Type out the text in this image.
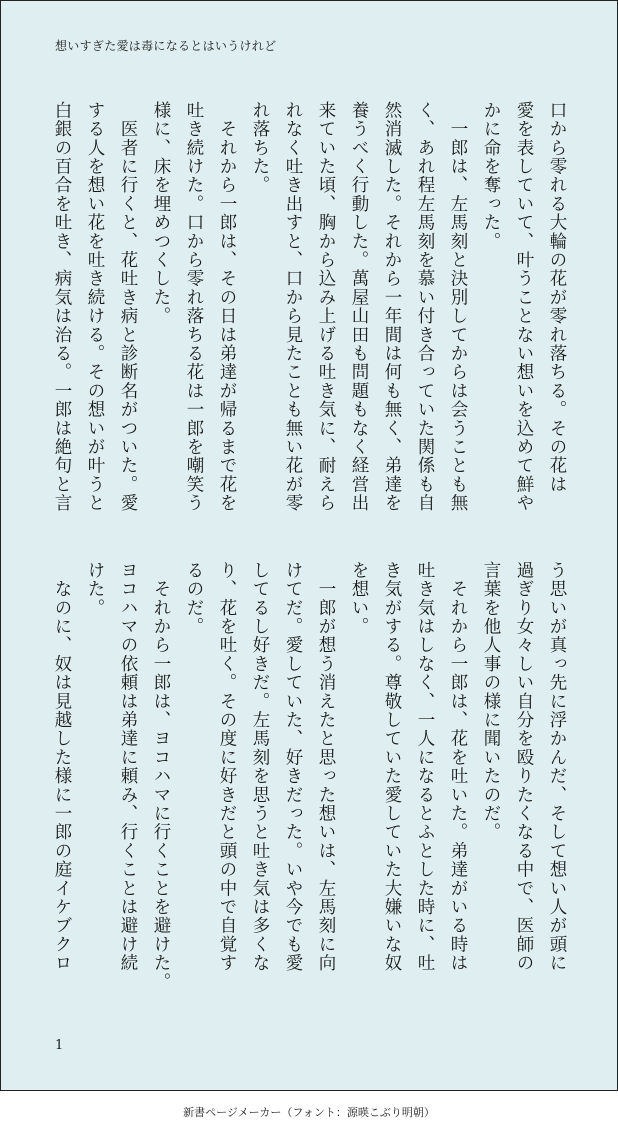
想いすぎた愛は毒になるとはいうけれど

口から零れる大輪の花が零れ落ちる。その花は

愛を表していて、叶うことない想いを込めて鮮や

かに命を奪った。

　一郎は、左馬刻と決別してからは会うことも無

く、あれ程左馬刻を慕い付き合っていた関係も自

然消滅した。それから一年間は何も無く、弟達を

養うべく行動した。萬屋山田も問題もなく経営出

来ていた頃、胸から込み上げる吐き気に、耐えら

れなく吐き出すと、口から見たことも無い花が零

れ落ちた。

　それから一郎は、その日は弟達が帰るまで花を

吐き続けた。口から零れ落ちる花は一郎を嘲笑う

様に、床を埋めつくした。

　医者に行くと、花吐き病と診断名がついた。愛

する人を想い花を吐き続ける。その想いが叶うと

白銀の百合を吐き、病気は治る。一郎は絶句と言

う思いが真っ先に浮かんだ、そして想い人が頭に

過ぎり女々しい自分を殴りたくなる中で、医師の

言葉を他人事の様に聞いたのだ。

　それから一郎は、花を吐いた。弟達がいる時は

吐き気はしなく、一人になるとふとした時に、吐

き気がする。尊敬していた愛していた大嫌いな奴

を想い。

　一郎が想う消えたと思った想いは、左馬刻に向

けてだ。愛していた、好きだった。いや今でも愛

してるし好きだ。左馬刻を思うと吐き気は多くな

り、花を吐く。その度に好きだと頭の中で自覚す

るのだ。

　それから一郎は、ヨコハマに行くことを避けた。

ヨコハマの依頼は弟達に頼み、行くことは避け続

けた。

　なのに、奴は見越した様に一郎の庭イケブクロ

1
新書ページメーカー（フォント：源暎こぶり明朝）
